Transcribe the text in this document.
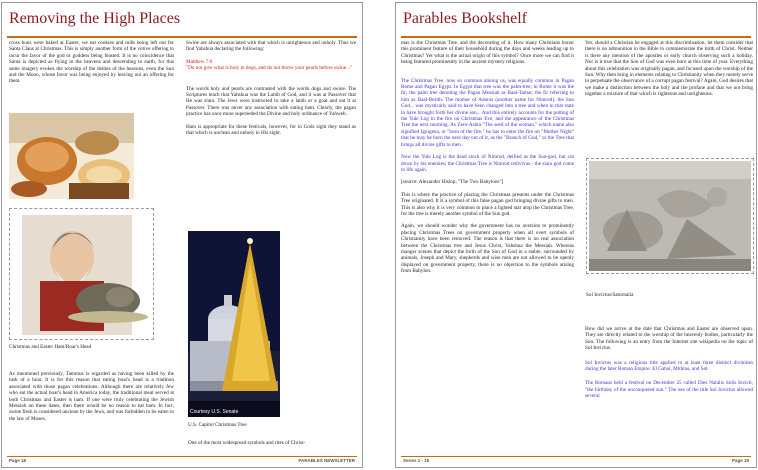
Removing the High Places

cross buns were baked at Easter, we eat cookies and milk being left out for Santa Claus at Christmas. This is simply another form of the votive offering to incur the favor of the god or goddess being feasted. It is no coincidence that Santa is depicted as flying in the heavens and descending to earth, for this same imagery evokes the worship of the deities of the heavens, even the Sun and the Moon, whose favor was being enjoyed by leaving out an offering for them.

Christmas and Easter Ham/Boar's Head

As mentioned previously, Tammuz is regarded as having been killed by the tusk of a boar. It is for this reason that eating boar's head is a tradition associated with those pagan celebrations. Although there are relatively few who eat the actual boar's head in America today, the traditional meat served at both Christmas and Easter is ham. If one were truly celebrating the Jewish Messiah on these dates, then there would be no reason to eat ham. In fact, swine flesh is considered unclean by the Jews, and was forbidden to be eaten in the law of Moses.

Swine are always associated with that which is unrighteous and unholy. Thus we find Yahshua declaring the following:

Matthew 7:6

"Do not give what is holy to dogs, and do not throw your pearls before swine..."

The words holy and pearls are contrasted with the words dogs and swine. The Scriptures teach that Yahshua was the Lamb of God, and it was at Passover that He was slain. The Jews were instructed to take a lamb or a goat and eat it at Passover. There was never any association with eating ham. Clearly, the pagan practice has once more superseded the Divine and holy ordinance of Yahweh.

Ham is appropriate for these festivals, however, for in Gods sight they stand as that which is unclean and unholy in His sight.

Courtesy U.S. Senate
U.S. Capitol Christmas Tree

One of the most widespread symbols and rites of Christ-

Page 18	PARABLES NEWSLETTER
Parables Bookshelf

mas is the Christmas Tree, and the decorating of it. How many Christians honor this prominent feature of their household during the days and weeks leading up to Christmas? Yet what is the actual origin of this symbol? Once more we can find it being featured prominently in the ancient mystery religions.

The Christmas Tree, now so common among us, was equally common in Pagan Rome and Pagan Egypt. In Egypt that tree was the palm-tree; in Rome it was the fir; the palm tree denoting the Pagan Messiah as Baal-Tamar, the fir referring to him as Baal-Berith. The mother of Adonis (another name for Nimrod), the Sun God... was mystically said to have been changed into a tree and when in that state to have brought forth her divine son... And this entirely accounts for the putting of the Yule Log in the fire on Christmas Eve, and the appearance of the Christmas Tree the next morning. As Zero-Ashta "The seed of the woman," which name also signified Ignigena, or "born of the fire," he has to enter the fire on "Mother Night" that he may be born the next day out of it, as the "Branch of God," or the Tree that brings all divine gifts to men.

Now the Yule Log is the dead stock of Nimrod, deified as the Sun-god, but cut down by his enemies; the Christmas Tree is Nimrod redivivus - the slain god come to life again.

[source: Alexander Hislop, "The Two Babylons"]

This is where the practice of placing the Christmas presents under the Christmas Tree originated. It is a symbol of this false pagan god bringing divine gifts to men. This is also why it is very common to place a lighted star atop the Christmas Tree, for the tree is merely another symbol of the Sun god.

Again, we should wonder why the government has no aversion to prominently placing Christmas Trees on government property when all overt symbols of Christianity have been removed. The reason is that there is no real association between the Christmas tree and Jesus Christ, Yahshua the Messiah. Whereas manger scenes that depict the birth of the Son of God in a stable, surrounded by animals, Joseph and Mary, shepherds and wise men are not allowed to be openly displayed on government property, there is no objection to the symbols arising from Babylon.

Yet, should a Christian be engaged at this discrimination, let them consider that there is no admonition in the Bible to commemorate the birth of Christ. Neither is there any mention of the apostles or early church observing such a holiday. Nor is it true that the Son of God was even born at this time of year. Everything about this celebration was originally pagan, and focused upon the worship of the Sun. Why then bring in elements relating to Christianity when they merely serve to perpetuate the observance of a corrupt pagan festival? Again, God desires that we make a distinction between the holy and the profane and that we not bring together a mixture of that which is righteous and unrighteous.

Sol Invictus/Saturnalia

How did we arrive at the date that Christmas and Easter are observed upon. They are directly related to the worship of the heavenly bodies, particularly the Sun. The following is an entry from the Internet site wikipedia on the topic of Sol Invictus.

Sol Invictus was a religious title applied to at least three distinct divinities during the later Roman Empire: El Gabal, Mithras, and Sol.

The Romans held a festival on December 25 called Dies Natalis Solis Invicti, "the birthday of the unconquered sun." The use of the title Sol Invictus allowed several

Series 1 - 15	Page 19
